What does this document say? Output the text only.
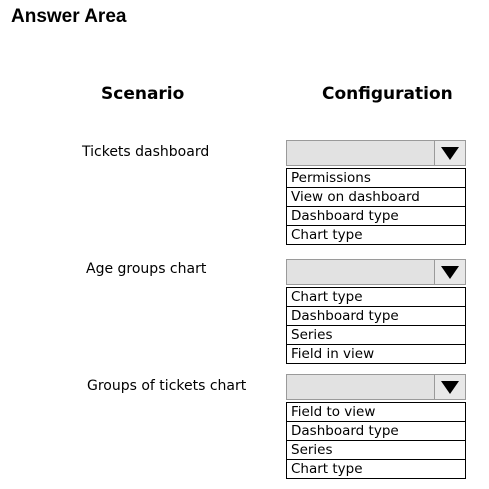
Answer Area
Scenario	Configuration
Tickets dashboard
Permissions
View on dashboard
Dashboard type
Chart type
Age groups chart
Chart type
Dashboard type
Series
Field in view
Groups of tickets chart
Field to view
Dashboard type
Series
Chart type
